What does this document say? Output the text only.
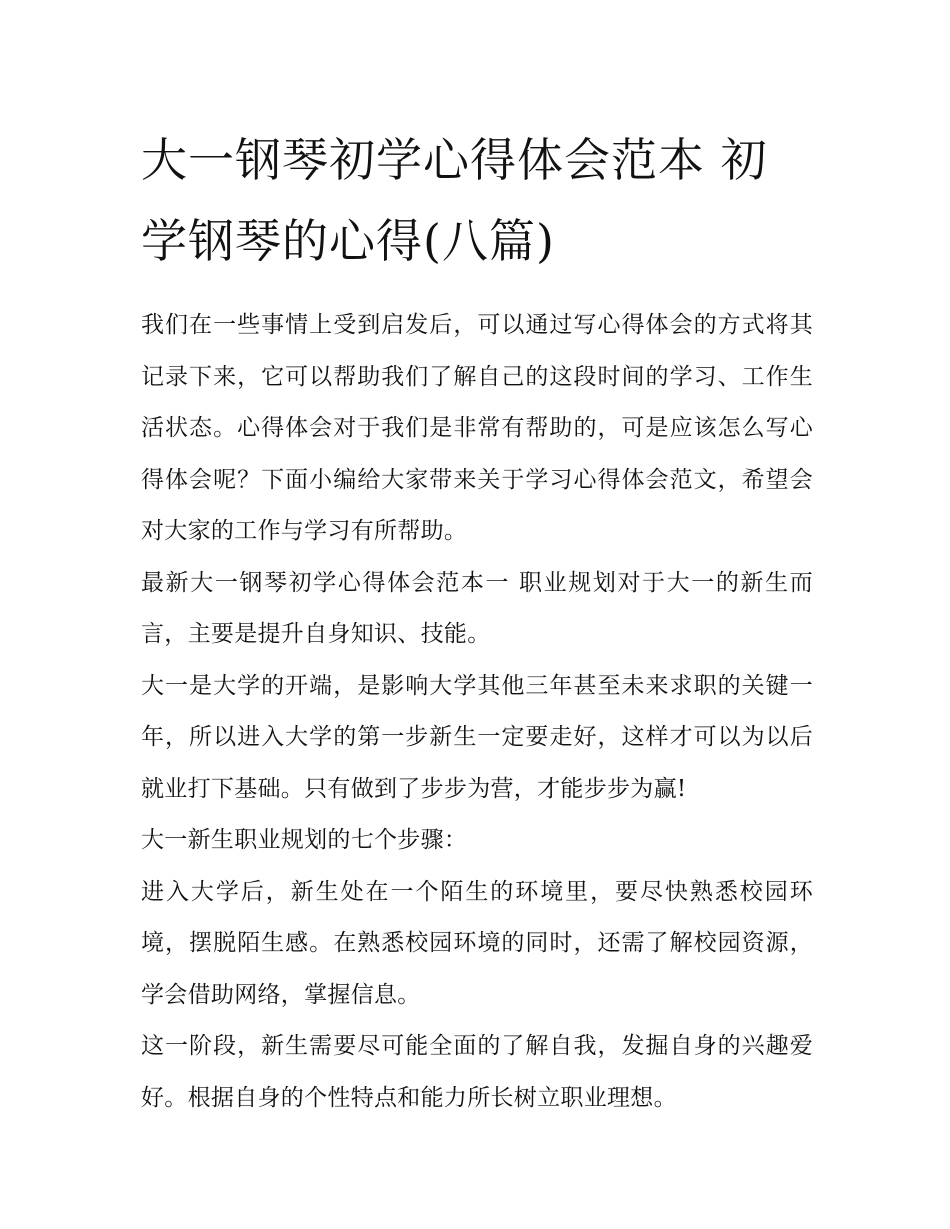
大一钢琴初学心得体会范本 初学钢琴的心得(八篇)

我们在一些事情上受到启发后，可以通过写心得体会的方式将其记录下来，它可以帮助我们了解自己的这段时间的学习、工作生活状态。心得体会对于我们是非常有帮助的，可是应该怎么写心得体会呢？下面小编给大家带来关于学习心得体会范文，希望会对大家的工作与学习有所帮助。

最新大一钢琴初学心得体会范本一 职业规划对于大一的新生而言，主要是提升自身知识、技能。

大一是大学的开端，是影响大学其他三年甚至未来求职的关键一年，所以进入大学的第一步新生一定要走好，这样才可以为以后就业打下基础。只有做到了步步为营，才能步步为赢!

大一新生职业规划的七个步骤：

进入大学后，新生处在一个陌生的环境里，要尽快熟悉校园环境，摆脱陌生感。在熟悉校园环境的同时，还需了解校园资源，学会借助网络，掌握信息。

这一阶段，新生需要尽可能全面的了解自我，发掘自身的兴趣爱好。根据自身的个性特点和能力所长树立职业理想。
